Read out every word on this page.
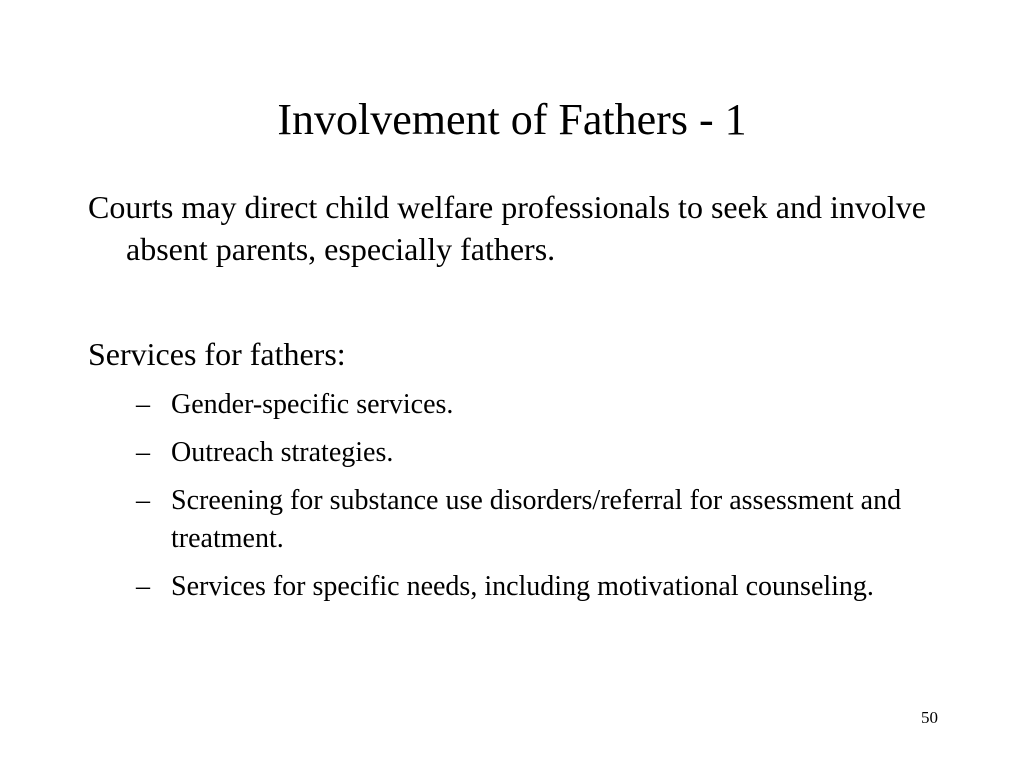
Involvement of Fathers - 1
Courts may direct child welfare professionals to seek and involve absent parents, especially fathers.
Services for fathers:
– Gender-specific services.
– Outreach strategies.
– Screening for substance use disorders/referral for assessment and treatment.
– Services for specific needs, including motivational counseling.
50
